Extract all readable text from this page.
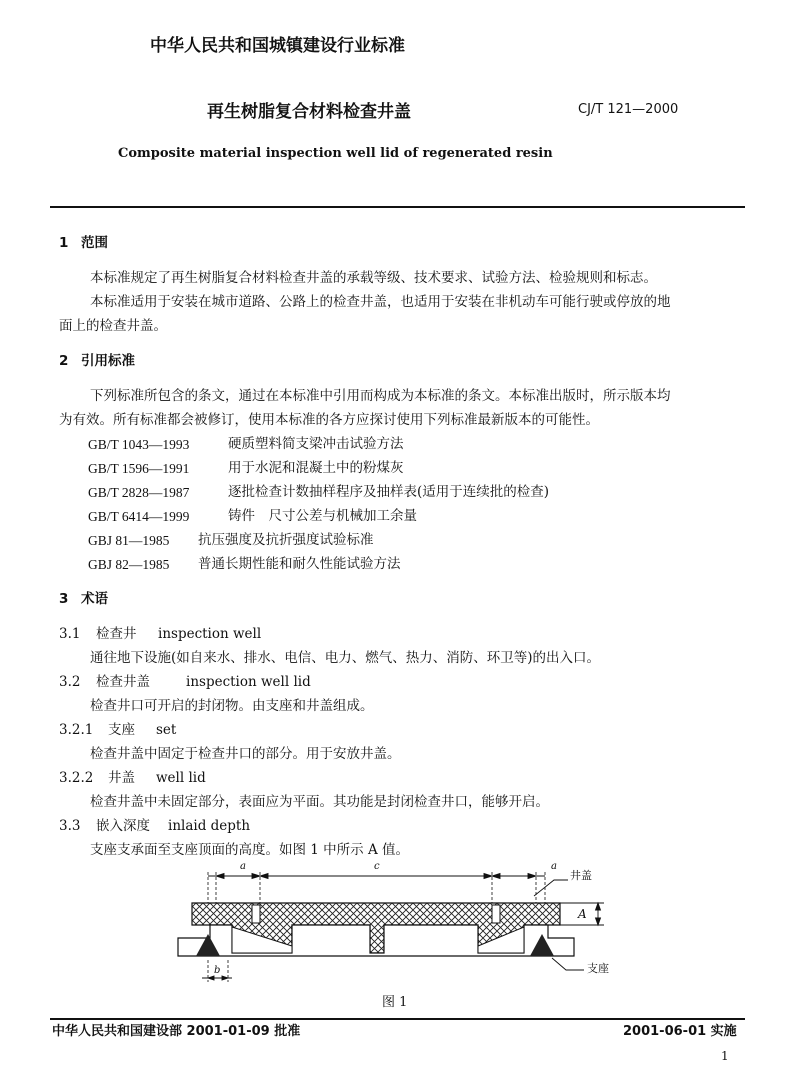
中华人民共和国城镇建设行业标准
再生树脂复合材料检查井盖	CJ/T 121—2000
Composite material inspection well lid of regenerated resin
1 范围
本标准规定了再生树脂复合材料检查井盖的承载等级、技术要求、试验方法、检验规则和标志。
本标准适用于安装在城市道路、公路上的检查井盖，也适用于安装在非机动车可能行驶或停放的地
面上的检查井盖。
2 引用标准
下列标准所包含的条文，通过在本标准中引用而构成为本标准的条文。本标准出版时，所示版本均
为有效。所有标准都会被修订，使用本标准的各方应探讨使用下列标准最新版本的可能性。
GB/T 1043—1993	硬质塑料简支梁冲击试验方法
GB/T 1596—1991	用于水泥和混凝土中的粉煤灰
GB/T 2828—1987	逐批检查计数抽样程序及抽样表(适用于连续批的检查)
GB/T 6414—1999	铸件　尺寸公差与机械加工余量
GBJ 81—1985 抗压强度及抗折强度试验标准
GBJ 82—1985 普通长期性能和耐久性能试验方法
3 术语
3.1 检查井 inspection well
通往地下设施(如自来水、排水、电信、电力、燃气、热力、消防、环卫等)的出入口。
3.2 检查井盖	inspection well lid
检查井口可开启的封闭物。由支座和井盖组成。
3.2.1 支座 set
检查井盖中固定于检查井口的部分。用于安放井盖。
3.2.2 井盖 well lid
检查井盖中未固定部分，表面应为平面。其功能是封闭检查井口，能够开启。
3.3 嵌入深度 inlaid depth
支座支承面至支座顶面的高度。如图 1 中所示 A 值。
a	c	a
A
b
井盖
支座
图 1
中华人民共和国建设部 2001-01-09 批准	2001-06-01 实施
1
